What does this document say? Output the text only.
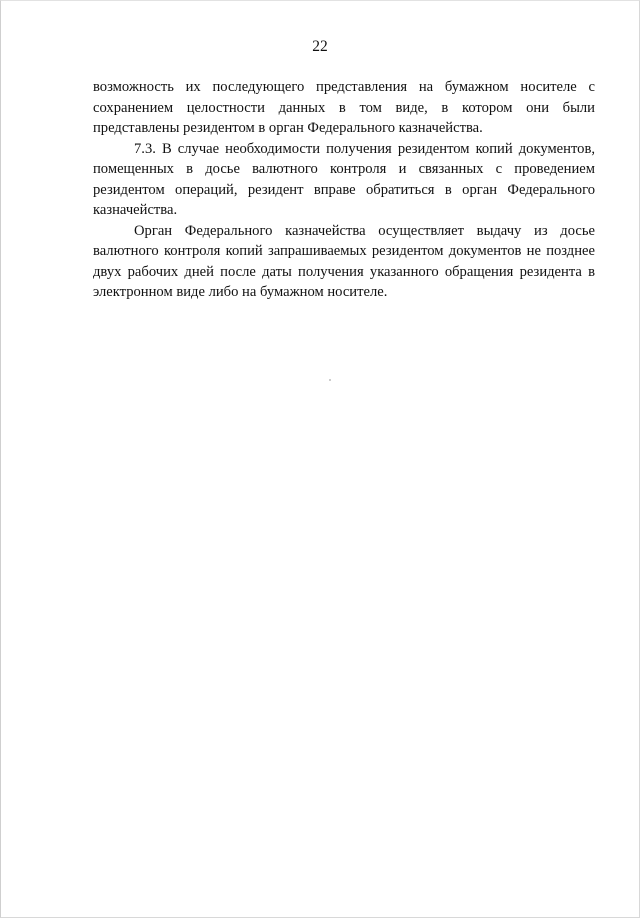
22

возможность их последующего представления на бумажном носителе с сохранением целостности данных в том виде, в котором они были представлены резидентом в орган Федерального казначейства.

7.3. В случае необходимости получения резидентом копий документов, помещенных в досье валютного контроля и связанных с проведением резидентом операций, резидент вправе обратиться в орган Федерального казначейства.

Орган Федерального казначейства осуществляет выдачу из досье валютного контроля копий запрашиваемых резидентом документов не позднее двух рабочих дней после даты получения указанного обращения резидента в электронном виде либо на бумажном носителе.
